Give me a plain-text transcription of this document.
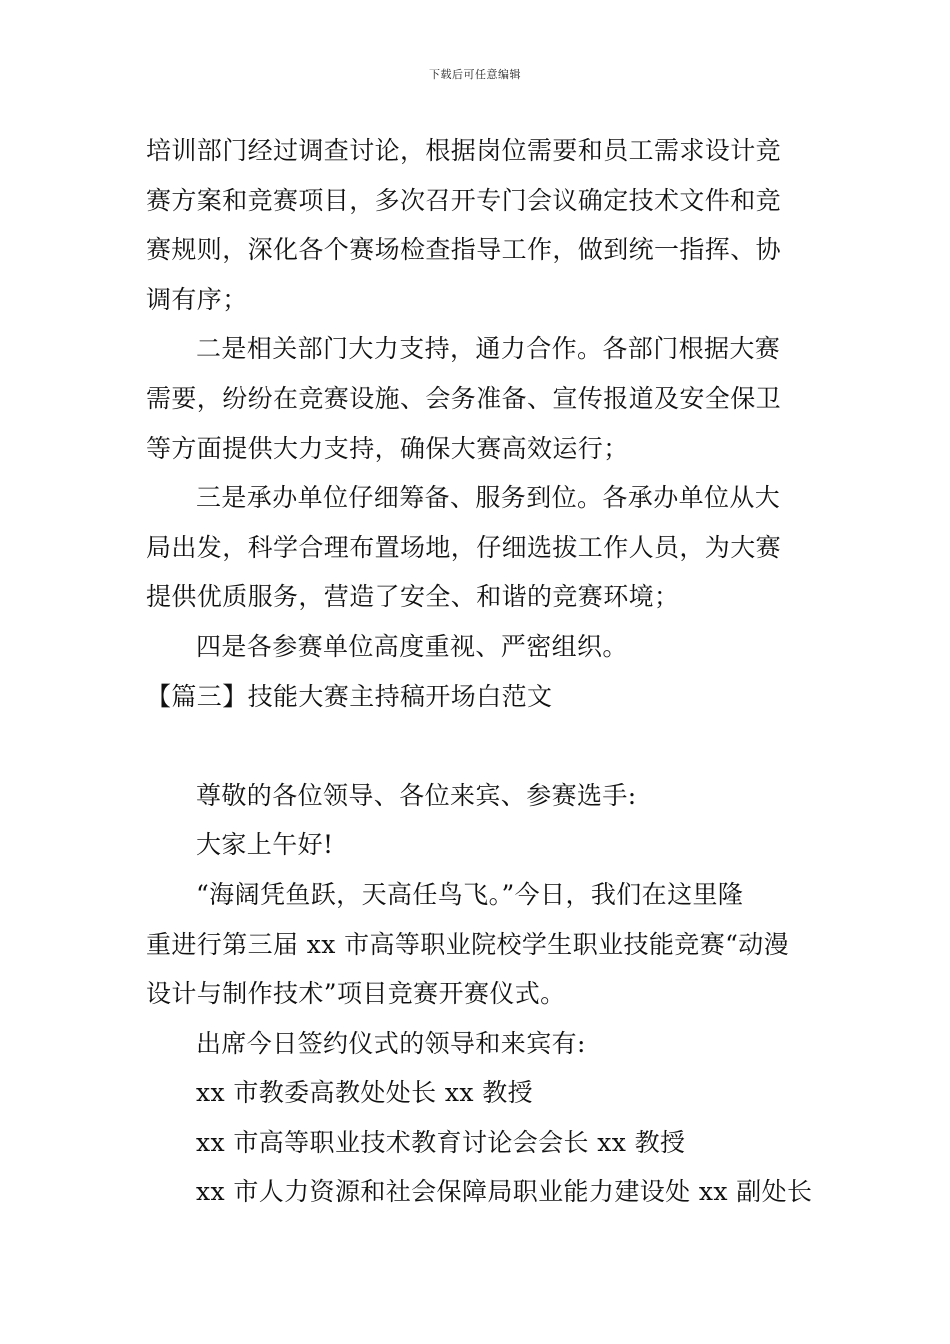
下载后可任意编辑
培训部门经过调查讨论，根据岗位需要和员工需求设计竞
赛方案和竞赛项目，多次召开专门会议确定技术文件和竞
赛规则，深化各个赛场检查指导工作，做到统一指挥、协
调有序；
二是相关部门大力支持，通力合作。各部门根据大赛
需要，纷纷在竞赛设施、会务准备、宣传报道及安全保卫
等方面提供大力支持，确保大赛高效运行；
三是承办单位仔细筹备、服务到位。各承办单位从大
局出发，科学合理布置场地，仔细选拔工作人员，为大赛
提供优质服务，营造了安全、和谐的竞赛环境；
四是各参赛单位高度重视、严密组织。
【篇三】技能大赛主持稿开场白范文
尊敬的各位领导、各位来宾、参赛选手:
大家上午好!
“海阔凭鱼跃，天高任鸟飞。”今日，我们在这里隆
重进行第三届 xx 市高等职业院校学生职业技能竞赛“动漫
设计与制作技术”项目竞赛开赛仪式。
出席今日签约仪式的领导和来宾有:
xx 市教委高教处处长 xx 教授
xx 市高等职业技术教育讨论会会长 xx 教授
xx 市人力资源和社会保障局职业能力建设处 xx 副处长
